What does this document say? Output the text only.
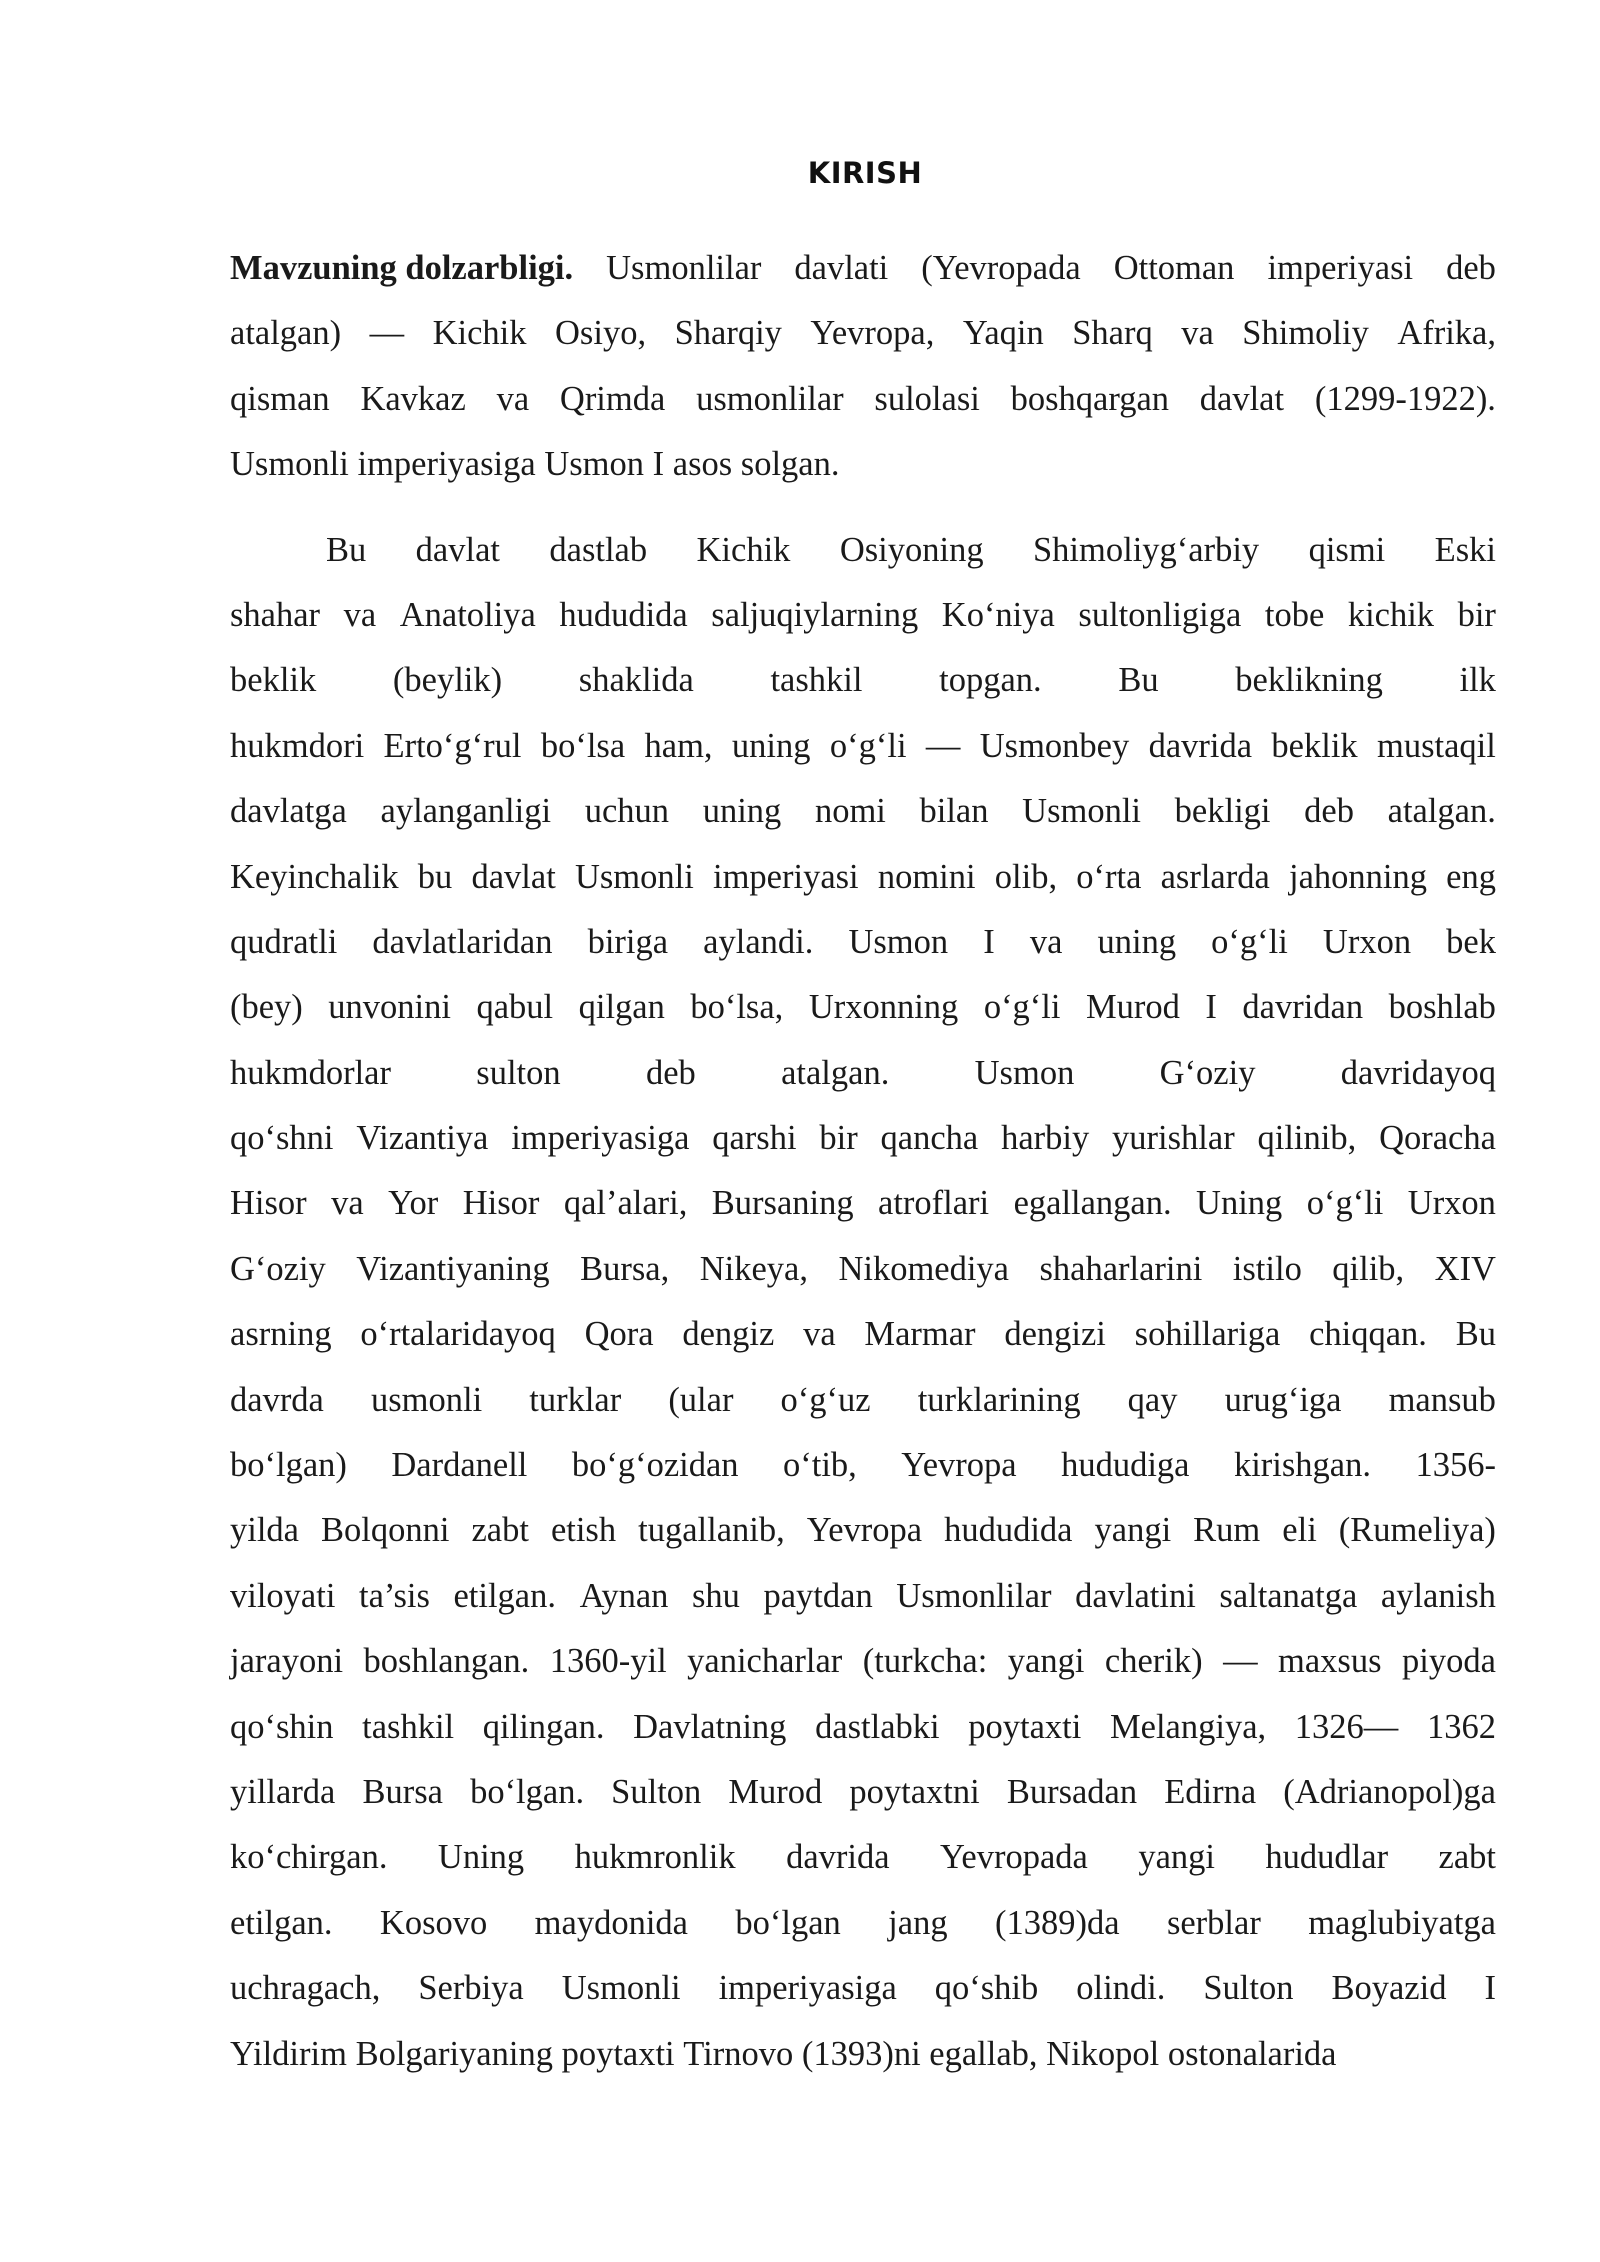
KIRISH
Mavzuning dolzarbligi. Usmonlilar davlati (Yevropada Ottoman imperiyasi deb
atalgan) — Kichik Osiyo, Sharqiy Yevropa, Yaqin Sharq va Shimoliy Afrika,
qisman Kavkaz va Qrimda usmonlilar sulolasi boshqargan davlat (1299-1922).
Usmonli imperiyasiga Usmon I asos solgan.
Bu davlat dastlab Kichik Osiyoning Shimoliyg‘arbiy qismi Eski
shahar va Anatoliya hududida saljuqiylarning Ko‘niya sultonligiga tobe kichik bir
beklik (beylik) shaklida tashkil topgan. Bu beklikning ilk
hukmdori Erto‘g‘rul bo‘lsa ham, uning o‘g‘li — Usmonbey davrida beklik mustaqil
davlatga aylanganligi uchun uning nomi bilan Usmonli bekligi deb atalgan.
Keyinchalik bu davlat Usmonli imperiyasi nomini olib, o‘rta asrlarda jahonning eng
qudratli davlatlaridan biriga aylandi. Usmon I va uning o‘g‘li Urxon bek
(bey) unvonini qabul qilgan bo‘lsa, Urxonning o‘g‘li Murod I davridan boshlab
hukmdorlar sulton deb atalgan. Usmon G‘oziy davridayoq
qo‘shni Vizantiya imperiyasiga qarshi bir qancha harbiy yurishlar qilinib, Qoracha
Hisor va Yor Hisor qal’alari, Bursaning atroflari egallangan. Uning o‘g‘li Urxon
G‘oziy Vizantiyaning Bursa, Nikeya, Nikomediya shaharlarini istilo qilib, XIV
asrning o‘rtalaridayoq Qora dengiz va Marmar dengizi sohillariga chiqqan. Bu
davrda usmonli turklar (ular o‘g‘uz turklarining qay urug‘iga mansub
bo‘lgan) Dardanell bo‘g‘ozidan o‘tib, Yevropa hududiga kirishgan. 1356-
yilda Bolqonni zabt etish tugallanib, Yevropa hududida yangi Rum eli (Rumeliya)
viloyati ta’sis etilgan. Aynan shu paytdan Usmonlilar davlatini saltanatga aylanish
jarayoni boshlangan. 1360-yil yanicharlar (turkcha: yangi cherik) — maxsus piyoda
qo‘shin tashkil qilingan. Davlatning dastlabki poytaxti Melangiya, 1326— 1362
yillarda Bursa bo‘lgan. Sulton Murod poytaxtni Bursadan Edirna (Adrianopol)ga
ko‘chirgan. Uning hukmronlik davrida Yevropada yangi hududlar zabt
etilgan. Kosovo maydonida bo‘lgan jang (1389)da serblar maglubiyatga
uchragach, Serbiya Usmonli imperiyasiga qo‘shib olindi. Sulton Boyazid I
Yildirim Bolgariyaning poytaxti Tirnovo (1393)ni egallab, Nikopol ostonalarida
